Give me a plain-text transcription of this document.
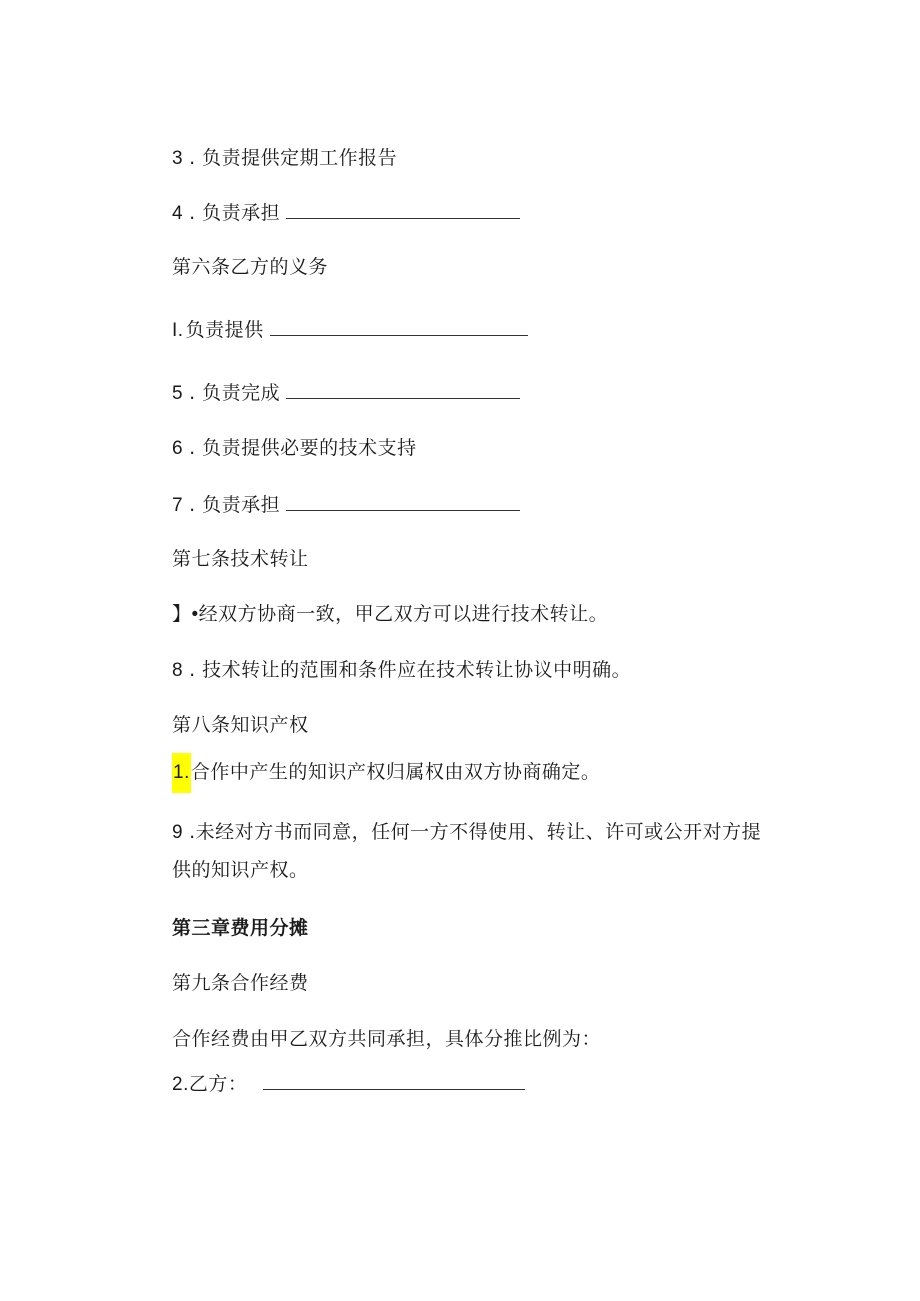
3 . 负责提供定期工作报告
4 . 负责承担
第六条乙方的义务
I. 负责提供
5 . 负责完成
6 . 负责提供必要的技术支持
7 . 负责承担
第七条技术转让
】•经双方协商一致，甲乙双方可以进行技术转让。
8 . 技术转让的范围和条件应在技术转让协议中明确。
第八条知识产权
1.合作中产生的知识产权归属权由双方协商确定。
9 .未经对方书而同意，任何一方不得使用、转让、许可或公开对方提
供的知识产权。
第三章费用分摊
第九条合作经费
合作经费由甲乙双方共同承担，具体分推比例为：
2.乙方：
